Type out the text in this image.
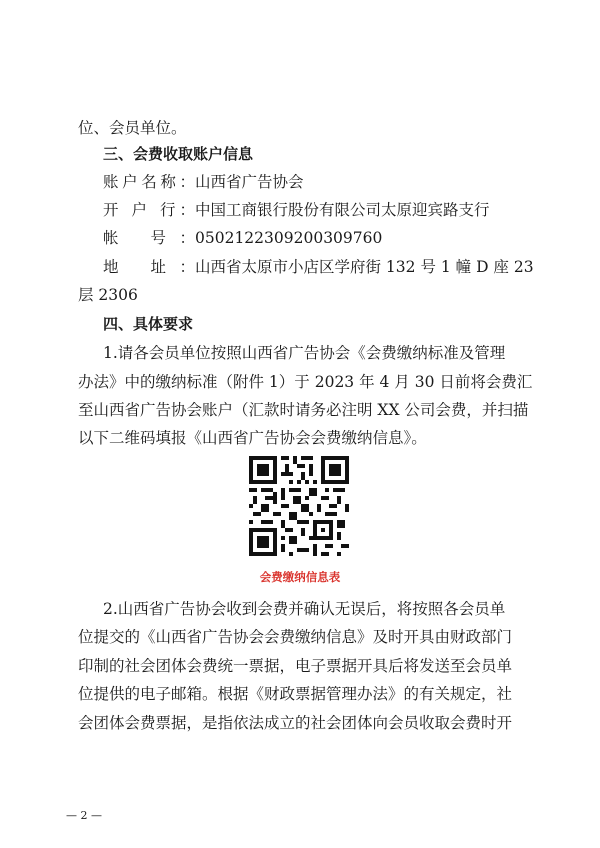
位、会员单位。
三、会费收取账户信息
账户名称：山西省广告协会
开 户 行：中国工商银行股份有限公司太原迎宾路支行
帐 号：0502122309200309760
地 址：山西省太原市小店区学府街 132 号 1 幢 D 座 23
层 2306
四、具体要求
1.请各会员单位按照山西省广告协会《会费缴纳标准及管理
办法》中的缴纳标准（附件 1）于 2023 年 4 月 30 日前将会费汇
至山西省广告协会账户（汇款时请务必注明 XX 公司会费，并扫描
以下二维码填报《山西省广告协会会费缴纳信息》。
会费缴纳信息表
2.山西省广告协会收到会费并确认无误后，将按照各会员单
位提交的《山西省广告协会会费缴纳信息》及时开具由财政部门
印制的社会团体会费统一票据，电子票据开具后将发送至会员单
位提供的电子邮箱。根据《财政票据管理办法》的有关规定，社
会团体会费票据，是指依法成立的社会团体向会员收取会费时开
— 2 —
